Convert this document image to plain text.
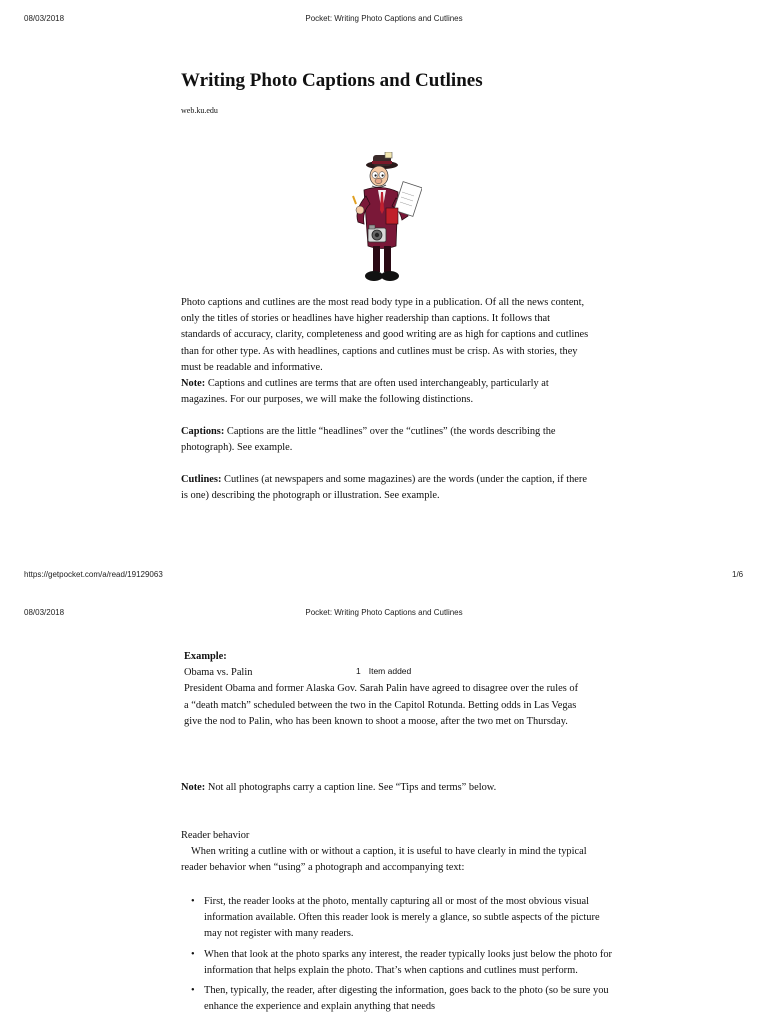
08/03/2018	Pocket: Writing Photo Captions and Cutlines
Writing Photo Captions and Cutlines
web.ku.edu

Photo captions and cutlines are the most read body type in a publication. Of all the news content, only the titles of stories or headlines have higher readership than captions. It follows that standards of accuracy, clarity, completeness and good writing are as high for captions and cutlines than for other type. As with headlines, captions and cutlines must be crisp. As with stories, they must be readable and informative.

Note: Captions and cutlines are terms that are often used interchangeably, particularly at magazines. For our purposes, we will make the following distinctions.

Captions: Captions are the little “headlines” over the “cutlines” (the words describing the photograph). See example.

Cutlines: Cutlines (at newspapers and some magazines) are the words (under the caption, if there is one) describing the photograph or illustration. See example.

https://getpocket.com/a/read/19129063	1/6
08/03/2018	Pocket: Writing Photo Captions and Cutlines

Example:

Obama vs. Palin

President Obama and former Alaska Gov. Sarah Palin have agreed to disagree over the rules of a “death match” scheduled between the two in the Capitol Rotunda. Betting odds in Las Vegas give the nod to Palin, who has been known to shoot a moose, after the two met on Thursday.

1 Item added

Note: Not all photographs carry a caption line. See “Tips and terms” below.

Reader behavior

When writing a cutline with or without a caption, it is useful to have clearly in mind the typical reader behavior when “using” a photograph and accompanying text:

• First, the reader looks at the photo, mentally capturing all or most of the most obvious visual information available. Often this reader look is merely a glance, so subtle aspects of the picture may not register with many readers.
• When that look at the photo sparks any interest, the reader typically looks just below the photo for information that helps explain the photo. That’s when captions and cutlines must perform.
• Then, typically, the reader, after digesting the information, goes back to the photo (so be sure you enhance the experience and explain anything that needs
